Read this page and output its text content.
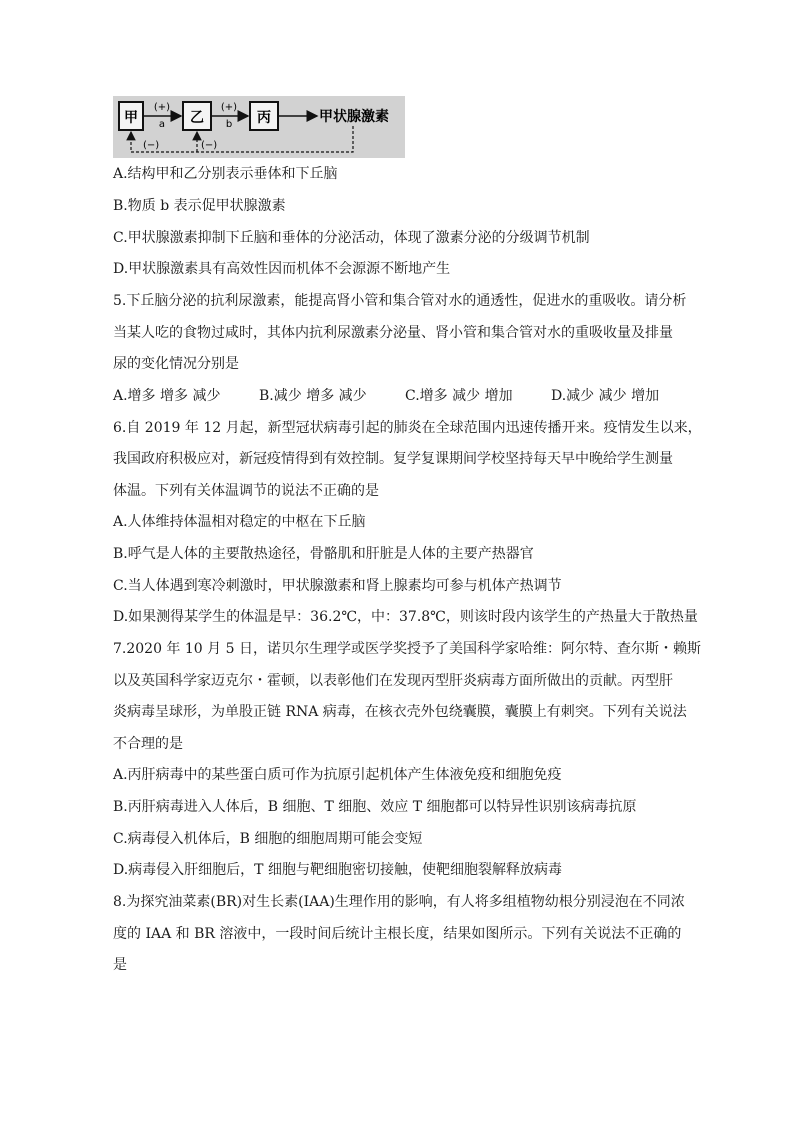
甲	乙	丙
(+)
a
(+)
b	甲状腺激素
(−)	(−)
A.结构甲和乙分别表示垂体和下丘脑
B.物质 b 表示促甲状腺激素
C.甲状腺激素抑制下丘脑和垂体的分泌活动，体现了激素分泌的分级调节机制
D.甲状腺激素具有高效性因而机体不会源源不断地产生
5.下丘脑分泌的抗利尿激素，能提高肾小管和集合管对水的通透性，促进水的重吸收。请分析
当某人吃的食物过咸时，其体内抗利尿激素分泌量、肾小管和集合管对水的重吸收量及排量
尿的变化情况分别是
A.增多 增多 减少	B.减少 增多 减少	C.增多 减少 增加	D.减少 减少 增加
6.自 2019 年 12 月起，新型冠状病毒引起的肺炎在全球范围内迅速传播开来。疫情发生以来，
我国政府积极应对，新冠疫情得到有效控制。复学复课期间学校坚持每天早中晚给学生测量
体温。下列有关体温调节的说法不正确的是
A.人体维持体温相对稳定的中枢在下丘脑
B.呼气是人体的主要散热途径，骨骼肌和肝脏是人体的主要产热器官
C.当人体遇到寒冷刺激时，甲状腺激素和肾上腺素均可参与机体产热调节
D.如果测得某学生的体温是早：36.2℃，中：37.8℃，则该时段内该学生的产热量大于散热量
7.2020 年 10 月 5 日，诺贝尔生理学或医学奖授予了美国科学家哈维：阿尔特、查尔斯・赖斯
以及英国科学家迈克尔・霍顿，以表彰他们在发现丙型肝炎病毒方面所做出的贡献。丙型肝
炎病毒呈球形，为单股正链 RNA 病毒，在核衣壳外包绕囊膜，囊膜上有刺突。下列有关说法
不合理的是
A.丙肝病毒中的某些蛋白质可作为抗原引起机体产生体液免疫和细胞免疫
B.丙肝病毒进入人体后，B 细胞、T 细胞、效应 T 细胞都可以特异性识别该病毒抗原
C.病毒侵入机体后，B 细胞的细胞周期可能会变短
D.病毒侵入肝细胞后，T 细胞与靶细胞密切接触，使靶细胞裂解释放病毒
8.为探究油菜素(BR)对生长素(IAA)生理作用的影响，有人将多组植物幼根分别浸泡在不同浓
度的 IAA 和 BR 溶液中，一段时间后统计主根长度，结果如图所示。下列有关说法不正确的
是
